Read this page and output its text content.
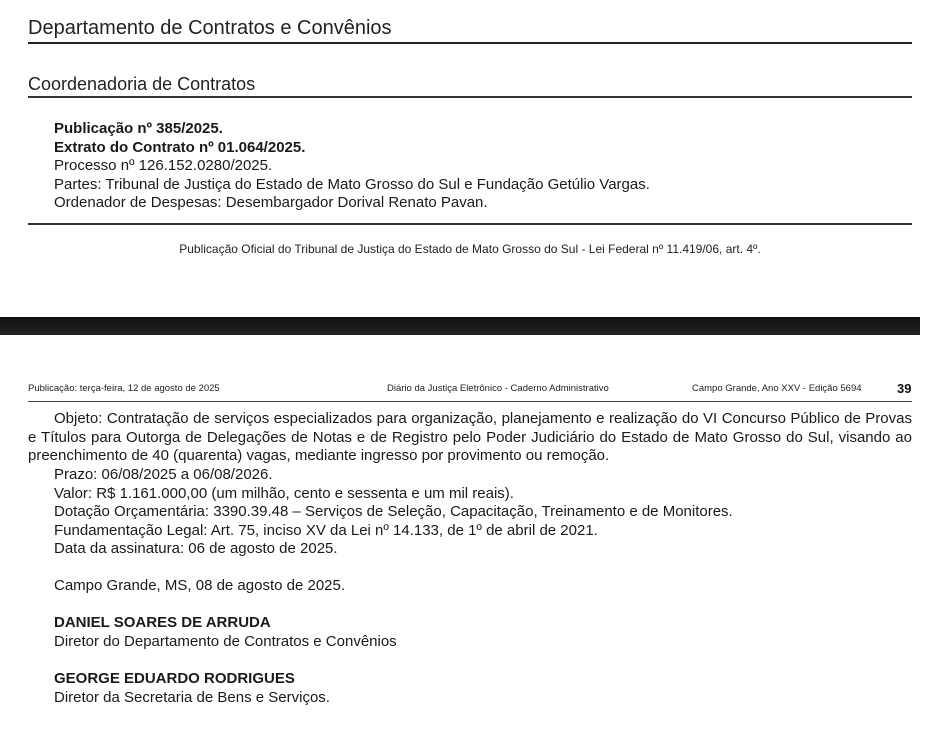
Departamento de Contratos e Convênios
Coordenadoria de Contratos
Publicação nº 385/2025.
Extrato do Contrato nº 01.064/2025.
Processo nº 126.152.0280/2025.
Partes: Tribunal de Justiça do Estado de Mato Grosso do Sul e Fundação Getúlio Vargas.
Ordenador de Despesas: Desembargador Dorival Renato Pavan.
Publicação Oficial do Tribunal de Justiça do Estado de Mato Grosso do Sul - Lei Federal nº 11.419/06, art. 4º.
Publicação: terça-feira, 12 de agosto de 2025	Diário da Justiça Eletrônico - Caderno Administrativo	Campo Grande, Ano XXV - Edição 5694	39
Objeto: Contratação de serviços especializados para organização, planejamento e realização do VI Concurso Público de Provas e Títulos para Outorga de Delegações de Notas e de Registro pelo Poder Judiciário do Estado de Mato Grosso do Sul, visando ao preenchimento de 40 (quarenta) vagas, mediante ingresso por provimento ou remoção.
Prazo: 06/08/2025 a 06/08/2026.
Valor: R$ 1.161.000,00 (um milhão, cento e sessenta e um mil reais).
Dotação Orçamentária: 3390.39.48 – Serviços de Seleção, Capacitação, Treinamento e de Monitores.
Fundamentação Legal: Art. 75, inciso XV da Lei nº 14.133, de 1º de abril de 2021.
Data da assinatura: 06 de agosto de 2025.
Campo Grande, MS, 08 de agosto de 2025.
DANIEL SOARES DE ARRUDA
Diretor do Departamento de Contratos e Convênios
GEORGE EDUARDO RODRIGUES
Diretor da Secretaria de Bens e Serviços.
